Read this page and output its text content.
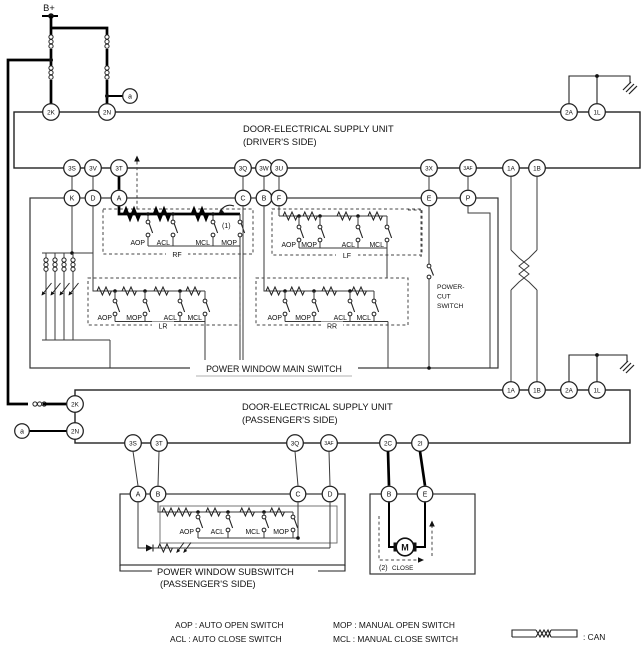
B+
a
DOOR-ELECTRICAL SUPPLY UNIT
(DRIVER'S SIDE)
2K	2N	2A	1L
3S 3V	3T	3Q 3W 3U	3X	3AF	1A	1B
K D	A	C B F	E	P
AOP ACL	MCL MOP
(1)
RF
AOP MOP	ACL MCL
LF
AOP MOP	ACL MCL
LR
AOP MOP	ACL MCL
RR
POWER-
CUT
SWITCH
POWER WINDOW MAIN SWITCH
DOOR-ELECTRICAL SUPPLY UNIT
(PASSENGER'S SIDE)
a
2K
2N
1A	1B	2A	1L
3S	3T	3Q	3AF	2C	2I
A B	C	D
AOP ACL	MCL MOP
POWER WINDOW SUBSWITCH
(PASSENGER'S SIDE)
B	E
M
(2) CLOSE
AOP : AUTO OPEN SWITCH
ACL : AUTO CLOSE SWITCH
MOP : MANUAL OPEN SWITCH
MCL : MANUAL CLOSE SWITCH	: CAN
